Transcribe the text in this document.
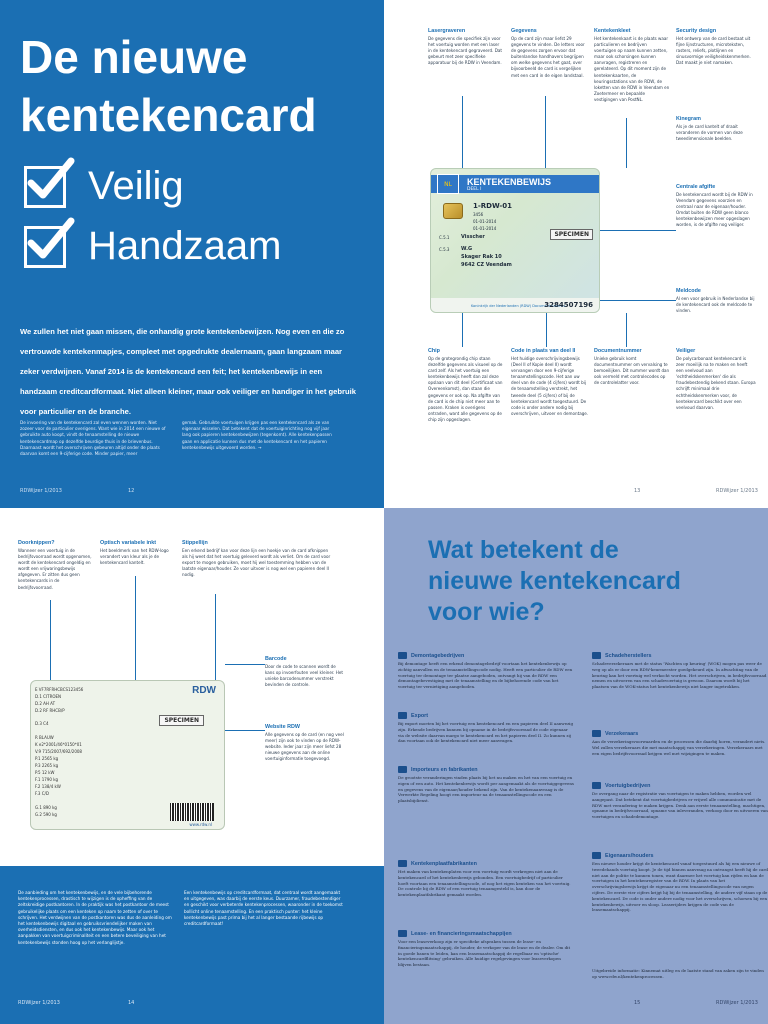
De nieuwe
kentekencard
Veilig
Handzaam

We zullen het niet gaan missen, die onhandig grote kentekenbewijzen. Nog even en die zo vertrouwde kentekenmapjes, compleet met opgedrukte dealernaam, gaan langzaam maar zeker verdwijnen. Vanaf 2014 is de kentekencard een feit; het kentekenbewijs in een handzaam creditcardformaat. Niet alleen kleiner, maar ook veiliger en handiger in het gebruik voor particulier en de branche.

De invoering van de kentekencard zal even wennen worden. Niet zozeer voor de particulier overigens. Want wie in 2014 een nieuwe of gebruikte auto koopt, vindt de tenaamstelling de nieuwe kentekencardmap op dezelfde beurdige thuis in de brievenbus. Daarnaast wordt het overschrijven gebeuren altijd onder de plaats daarvan komt een 9-cijferige code. Minder papier, meer

gemak. Gebruikte voertuigen krijgen pas een kentekencard als ze van eigenaar wisselen. Dat betekent dat de voertuiginrichting nog vijf jaar lang ook papieren kentekenbewijzen (tegenkomt). Alle kentekenpassen gaan en applicatie kunnen dus met de kentekencard en het papieren kentekenbewijs uitgevoerd worden. →

RDWijzer 1/2013	12
Lasergraveren

De gegevens die specifiek zijn voor het voertuig worden met een laser in de kentekencard gegraveerd. Dat gebeurt met zeer specifieke apparatuur bij de RDW in Veendam.

Gegevens

Op de card zijn maar liefst 29 gegevens te vinden. De letters voor de gegevens zorgen ervoor dat buitenlandse handhavers begrijpen om welke gegevens het gaat, over bijvoorbeeld de card is vergelijken met een card in de eigen landstaal.

Kentekenkleet

Het kentekenkaart is de plaats waar particulieren en bedrijven voertuigen op naam kunnen zetten, maar ook schorsingen kunnen aanvragen, registreren en gerelateerd. Op dit moment zijn de kentekenkaarten, de keuringsstations van de RDW, de loketten van de RDW in Veendam en Zoetermeer en bepaalde vestigingen van PostNL.

Security design

Het ontwerp van de card bestaat uit fijne lijnstructuren, microteksten, rasters, reliefs, plotlijnen en sinusvormige veiligheidskenmerken. Dat maakt je niet namaken.

Kinegram

Als je de card kantelt of draait veranderen de vormen van deze tweedimensionale beelden.

Centrale afgifte

De kentekencard wordt bij de RDW in Veendam gegevens voorzien en centraal naar de eigenaar/houder. Omdat buiten de RDW geen blanco kentekenbewijzen meer opgeslagen worden, is de afgifte nog veiliger.

Meldcode

Al een voor gebruik in Nederlandse bij de kentekencard ook de meldcode te vinden.

NL	KENTEKENBEWIJS
DEEL I
1-RDW-01
3456
01-01-2014
01-01-2014
C.5.1 Visscher
C.5.3 W.G
Skager Rak 10
9642 CZ Veendam
SPECIMEN
Koninkrijk der Nederlanden (RDW) Documentnummer
3284507196
Chip

Op de grotegrondig chip staan dezelfde gegevens als visueel op de card zelf. Als het voertuig een kentekenbewijs heeft dan zal deze opslaan van dit deel (Certificaat van Overeenkomst), dan staan die gegevens er ook op. Na afgifte van de card is de chip niet meer aan te passen. Kraken is overigens ontraden, want alle gegevens op de chip zijn opgeslagen.

Code in plaats van deel II

Het huidige overschrijvingsbewijs (Deel II of Kopie deel II) wordt vervangen door een 9-cijferige tenaamstellingscode. Het aan uw deel van de code (4 cijfers) wordt bij de tenaamstelling verstrekt, het tweede deel (5 cijfers) of bij de kentekencard wordt toegestuurd. De code is onder andere nodig bij overschrijven, uitvoer en demontage.

Documentnummer

Unieke gebruik komt documentnummer om vervalsing te bemoeilijken. Dit nummer wordt dan ook vermeld met controlecodes op de controlelatter voor.

Veiliger

De polycarbonaat kentekencard is zeer moeilijk na te maken en heeft een veelvoud aan 'echtheidskenmerken' die als fraudebestendig bekend staan. Europa schrijft minimaal drie echtheidskenmerken voor, de kentekencard beschikt over een veelvoud daarvan.

13	RDWijzer 1/2013
Doorknippen?

Wanneer een voertuig in de bedrijfsvoorraad wordt opgenomen, wordt de kentekencard ongeldig en wordt een vrijwaringsbewijs afgegeven. Er zitten dus geen kentekencards in de bedrijfsvoorraad.

Optisch variabele inkt

Het beeldmerk van het RDW-logo verandert van kleur als je de kentekencard kantelt.

Stippellijn

Een erkend bedrijf kan voor deze lijn een hoekje van de card afknippen als hij weet dat het voertuig geleverd wordt als verliet. Om de card voor export te mogen gebruiken, moet hij wel toestemming hebben van de laatste eigenaar/houder. Ze voor uitvoer is nog wel een papieren deel II nodig.

Barcode

Door de code te scannen wordt de kans op invoerfouten veel kleiner. Het unieke barcodenummer verstrekt bevinden de controle.

Website RDW

Alle gegevens op de card (en nog veel meer) zijn ook te vinden op de RDW-website. Ieder jaar zijn meer liefst 28 nieuwe gegevens aan de online voertuiginformatie toegevoegd.

RDW
E VF7RFRHCBCS123456
D.1 CITROEN
D.2 AH AT
D.2 RF RHCB/P
D.3 C4
R BLAUW
K e2*2001/46*0150*01
V.9 715/2007/692/2008
P.1 2565 kg
P.3 2265 kg
P.5 12 kW
F.1 1790 kg
F.2 138/4 kW
F.3 C/D
G.1 890 kg
G.2 590 kg
SPECIMEN
www.rdw.nl

De aanbieding om het kentekenbewijs, en de vele bijbehorende kentekenprocessen, drastisch te wijzigen is de opheffing van de zeltskreidige postkantoren. In de praktijk was het postkantoor de meest gebruikelijke plaats om een kenteken op naam te zetten of over te schrijven. Het verdwijnen van de postkantoren was dus de aanleiding om het kentekenbewijs digitaal en gebruiksvriendelijker maken van overheidsdiensten, en dus ook het kentekenbewijs. Maar ook het aanpakken van voertuigcriminaliteit en een betere beveiliging van het kentekenbewijs stonden hoog op het verlanglijstje.

Een kentekenbewijs op creditcardformaat, dat centraal wordt aangemaakt en uitgegeven, was daarbij de eerste keus. Duurzamer, fraudebestendiger en geschikt voor verbeterde kentekenprocessen, waaronder in de toekomst bollicht online tenaamstelling. En een praktisch punter: het kleine kentekenbewijs past prima bij het al langer bestaande rijbewijs op creditcardformaat!

RDWijzer 1/2013	14
Wat betekent de
nieuwe kentekencard
voor wie?
Demontagebedrijven

Bij demontage heeft een erkend demontagebedrijf voortaan het kentekenbewijs op zichtig aanvullen en de tenaamstellingscode nodig. Heeft een particulier de RDW een voertuig ter demontage ter plaatse aangeboden, ontvangt hij van de RDW een demontagebevestiging met de tenaamstelling en de bijbehorende code van het voertuig ter vernietiging aangeboden.

Export

Bij export moeten bij het voertuig een kentekencard en een papieren deel II aanwezig zijn. Erkende bedrijven kunnen bij opname in de bedrijfsvoorraad de code eigenaar via de website daarvan margo te kentekencard en het papieren deel II. Zo kunnen zij dan voortaan ook de kentekencard niet meer aanvragen.

Importeurs en fabrikanten

De grootste veranderingen vinden plaats bij het nu maken en het van een voertuig en eigen of een auto. Het kentekenbewijs wordt per aangemaakt als de voertuiggegevens en gegevens van de eigenaar/houder bekend zijn. Van de kentekenaanvraag is de Verwerkte Regeling hoogt een importeur na de tenaamstellingscode en een plaatsbijdienst.

Kentekenplaatfabrikanten

Het maken van kentekenplaten voor een voertuig wordt verkregen niet aan de kentekencard of het kentekenbewijs gebonden. Een voertuigbedrijf of particulier hoeft voortaan een tenaamstellingscode, of nog het eigen kenteken van het voertuig. De controle bij de RDW of een voertuig tenaamgesteld is, kan door de kentekenplaatfabrikant gemaakt worden.

Lease- en financieringsmaatschappijen

Voor een leaseverkoop zijn er specifieke afspraken tussen de lease- en financieringsmaatschappij, de houder, de verkoper van de lease en de dealer. Om dit in goede banen te leiden, kan een leasemaatschappij de regelbaar en 'optische' kentekencardflitsing' gebruiken. Alle huidige regelgevingen voor leaseverkopen blijven bestaan.

Schadeherstellers

Schadeverzekeraars met de status 'Wachten op keuring' (WOK) mogen pas weer de weg op als er door een RDW-keurmeester goedgekeurd zijn. In afwachting van de keuring kan het voertuig wel verkocht worden. Het overschrijven, in bedrijfsvoorraad nemen en uitvoeren van een schadevoertuig is gewoon. Daarom wordt bij het plaatsen van de WOK-status het kentekenbewijs niet langer ingetrokken.

Verzekeraars

Aan de verzekeringsvoorwaarden en de processen die daarbij horen, verandert niets. Wel zullen verzekeraars die met maatschappij van verzekeringen. Verzekeraars met een eigen bedrijfsvoorraad krijgen wel met wijzigingen te maken.

Voertuigbedrijven

De overgang naar de registratie van voertuigen te maken hebben, worden wel aangepast. Dat betekent dat voertuigbedrijven er vrijwel alle communicatie met de RDW met verandering te maken krijgen. Denk aan eerste tenaamstelling, machtigen, opname in bedrijfsvoorraad, opname van inleveranden, verkoop door en uitvoeren van voertuigen en schadedemontage.

Eigenaars/houders

Een nieuwe houder krijgt de kentekencard vanaf toegestuurd als hij een nieuwe of tweedehands voertuig koopt. Je de tijd binnen aanvraag na ontvangst heeft hij de card niet aan de politie te kunnen tonen, want daarmee het voertuig kan rijden en kan de voertuigen in het kentekenregister van de RDW. In plaats van het overschrijvingsbewijs krijgt de eigenaar nu een tenaamstellingscode van negen cijfers. De eerste vier cijfers krijgt hij bij de tenaamstelling, de andere vijf staan op de kentekencard. De code is onder andere nodig voor het overschrijven, schorsen bij een kentekenbewijs, uitvoer en sloop. Leaserijders krijgen de code van de leasemaatschappij.

Uitgebreide informatie: Kinnemat uitleg en de laatste stand van zaken zijn te vinden op www.rdw.nl/kentekenprocessen.

15	RDWijzer 1/2013
